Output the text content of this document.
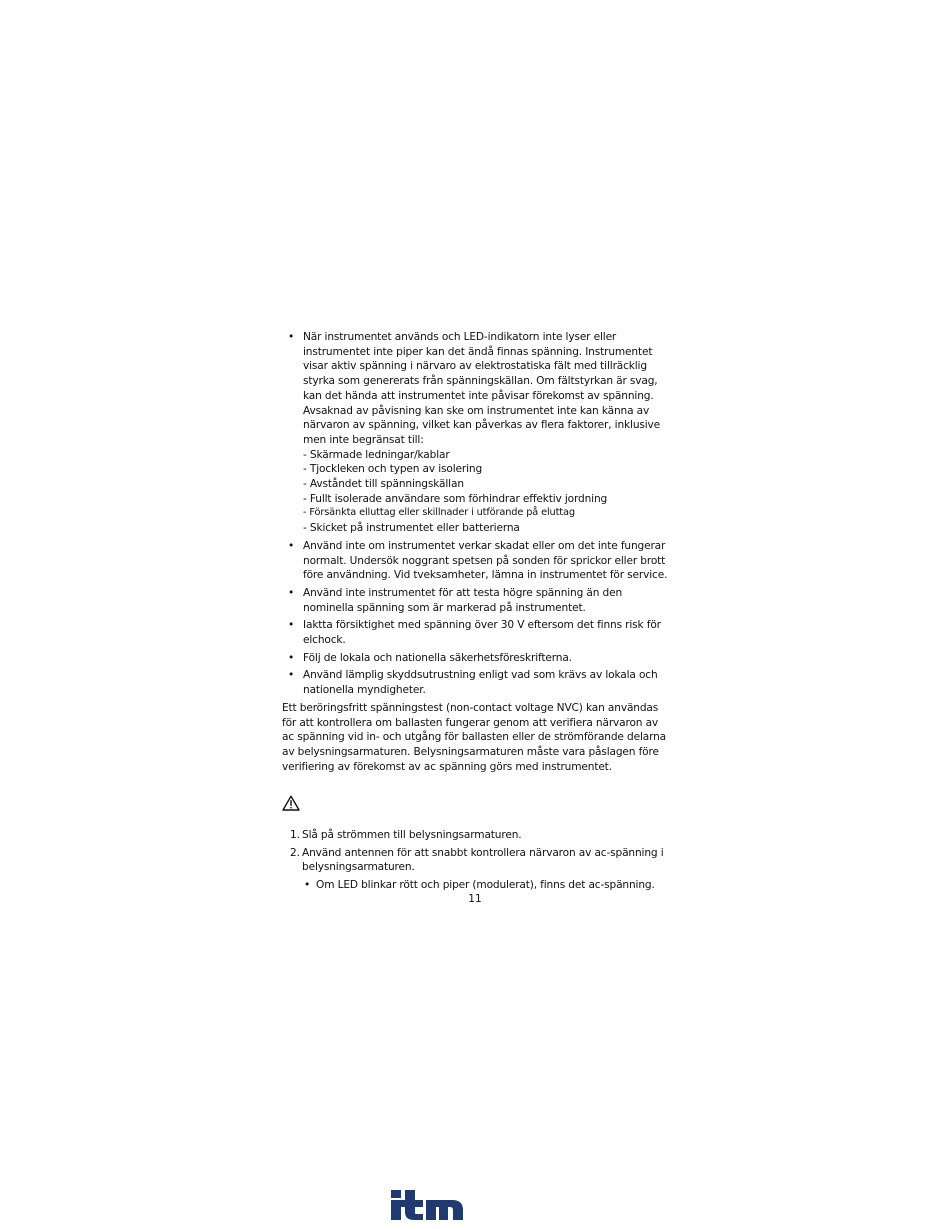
• När instrumentet används och LED-indikatorn inte lyser eller instrumentet inte piper kan det ändå finnas spänning. Instrumentet visar aktiv spänning i närvaro av elektrostatiska fält med tillräcklig styrka som genererats från spänningskällan. Om fältstyrkan är svag, kan det hända att instrumentet inte påvisar förekomst av spänning. Avsaknad av påvisning kan ske om instrumentet inte kan känna av närvaron av spänning, vilket kan påverkas av flera faktorer, inklusive men inte begränsat till:
- Skärmade ledningar/kablar
- Tjockleken och typen av isolering
- Avståndet till spänningskällan
- Fullt isolerade användare som förhindrar effektiv jordning
- Försänkta elluttag eller skillnader i utförande på eluttag
- Skicket på instrumentet eller batterierna
• Använd inte om instrumentet verkar skadat eller om det inte fungerar normalt. Undersök noggrant spetsen på sonden för sprickor eller brott före användning. Vid tveksamheter, lämna in instrumentet för service.
• Använd inte instrumentet för att testa högre spänning än den nominella spänning som är markerad på instrumentet.
• Iaktta försiktighet med spänning över 30 V eftersom det finns risk för elchock.
• Följ de lokala och nationella säkerhetsföreskrifterna.
• Använd lämplig skyddsutrustning enligt vad som krävs av lokala och nationella myndigheter.

Ett beröringsfritt spänningstest (non-contact voltage NVC) kan användas för att kontrollera om ballasten fungerar genom att verifiera närvaron av ac spänning vid in- och utgång för ballasten eller de strömförande delarna av belysningsarmaturen. Belysningsarmaturen måste vara påslagen före verifiering av förekomst av ac spänning görs med instrumentet.

1. Slå på strömmen till belysningsarmaturen.
2. Använd antennen för att snabbt kontrollera närvaron av ac-spänning i belysningsarmaturen.
• Om LED blinkar rött och piper (modulerat), finns det ac-spänning.
11
